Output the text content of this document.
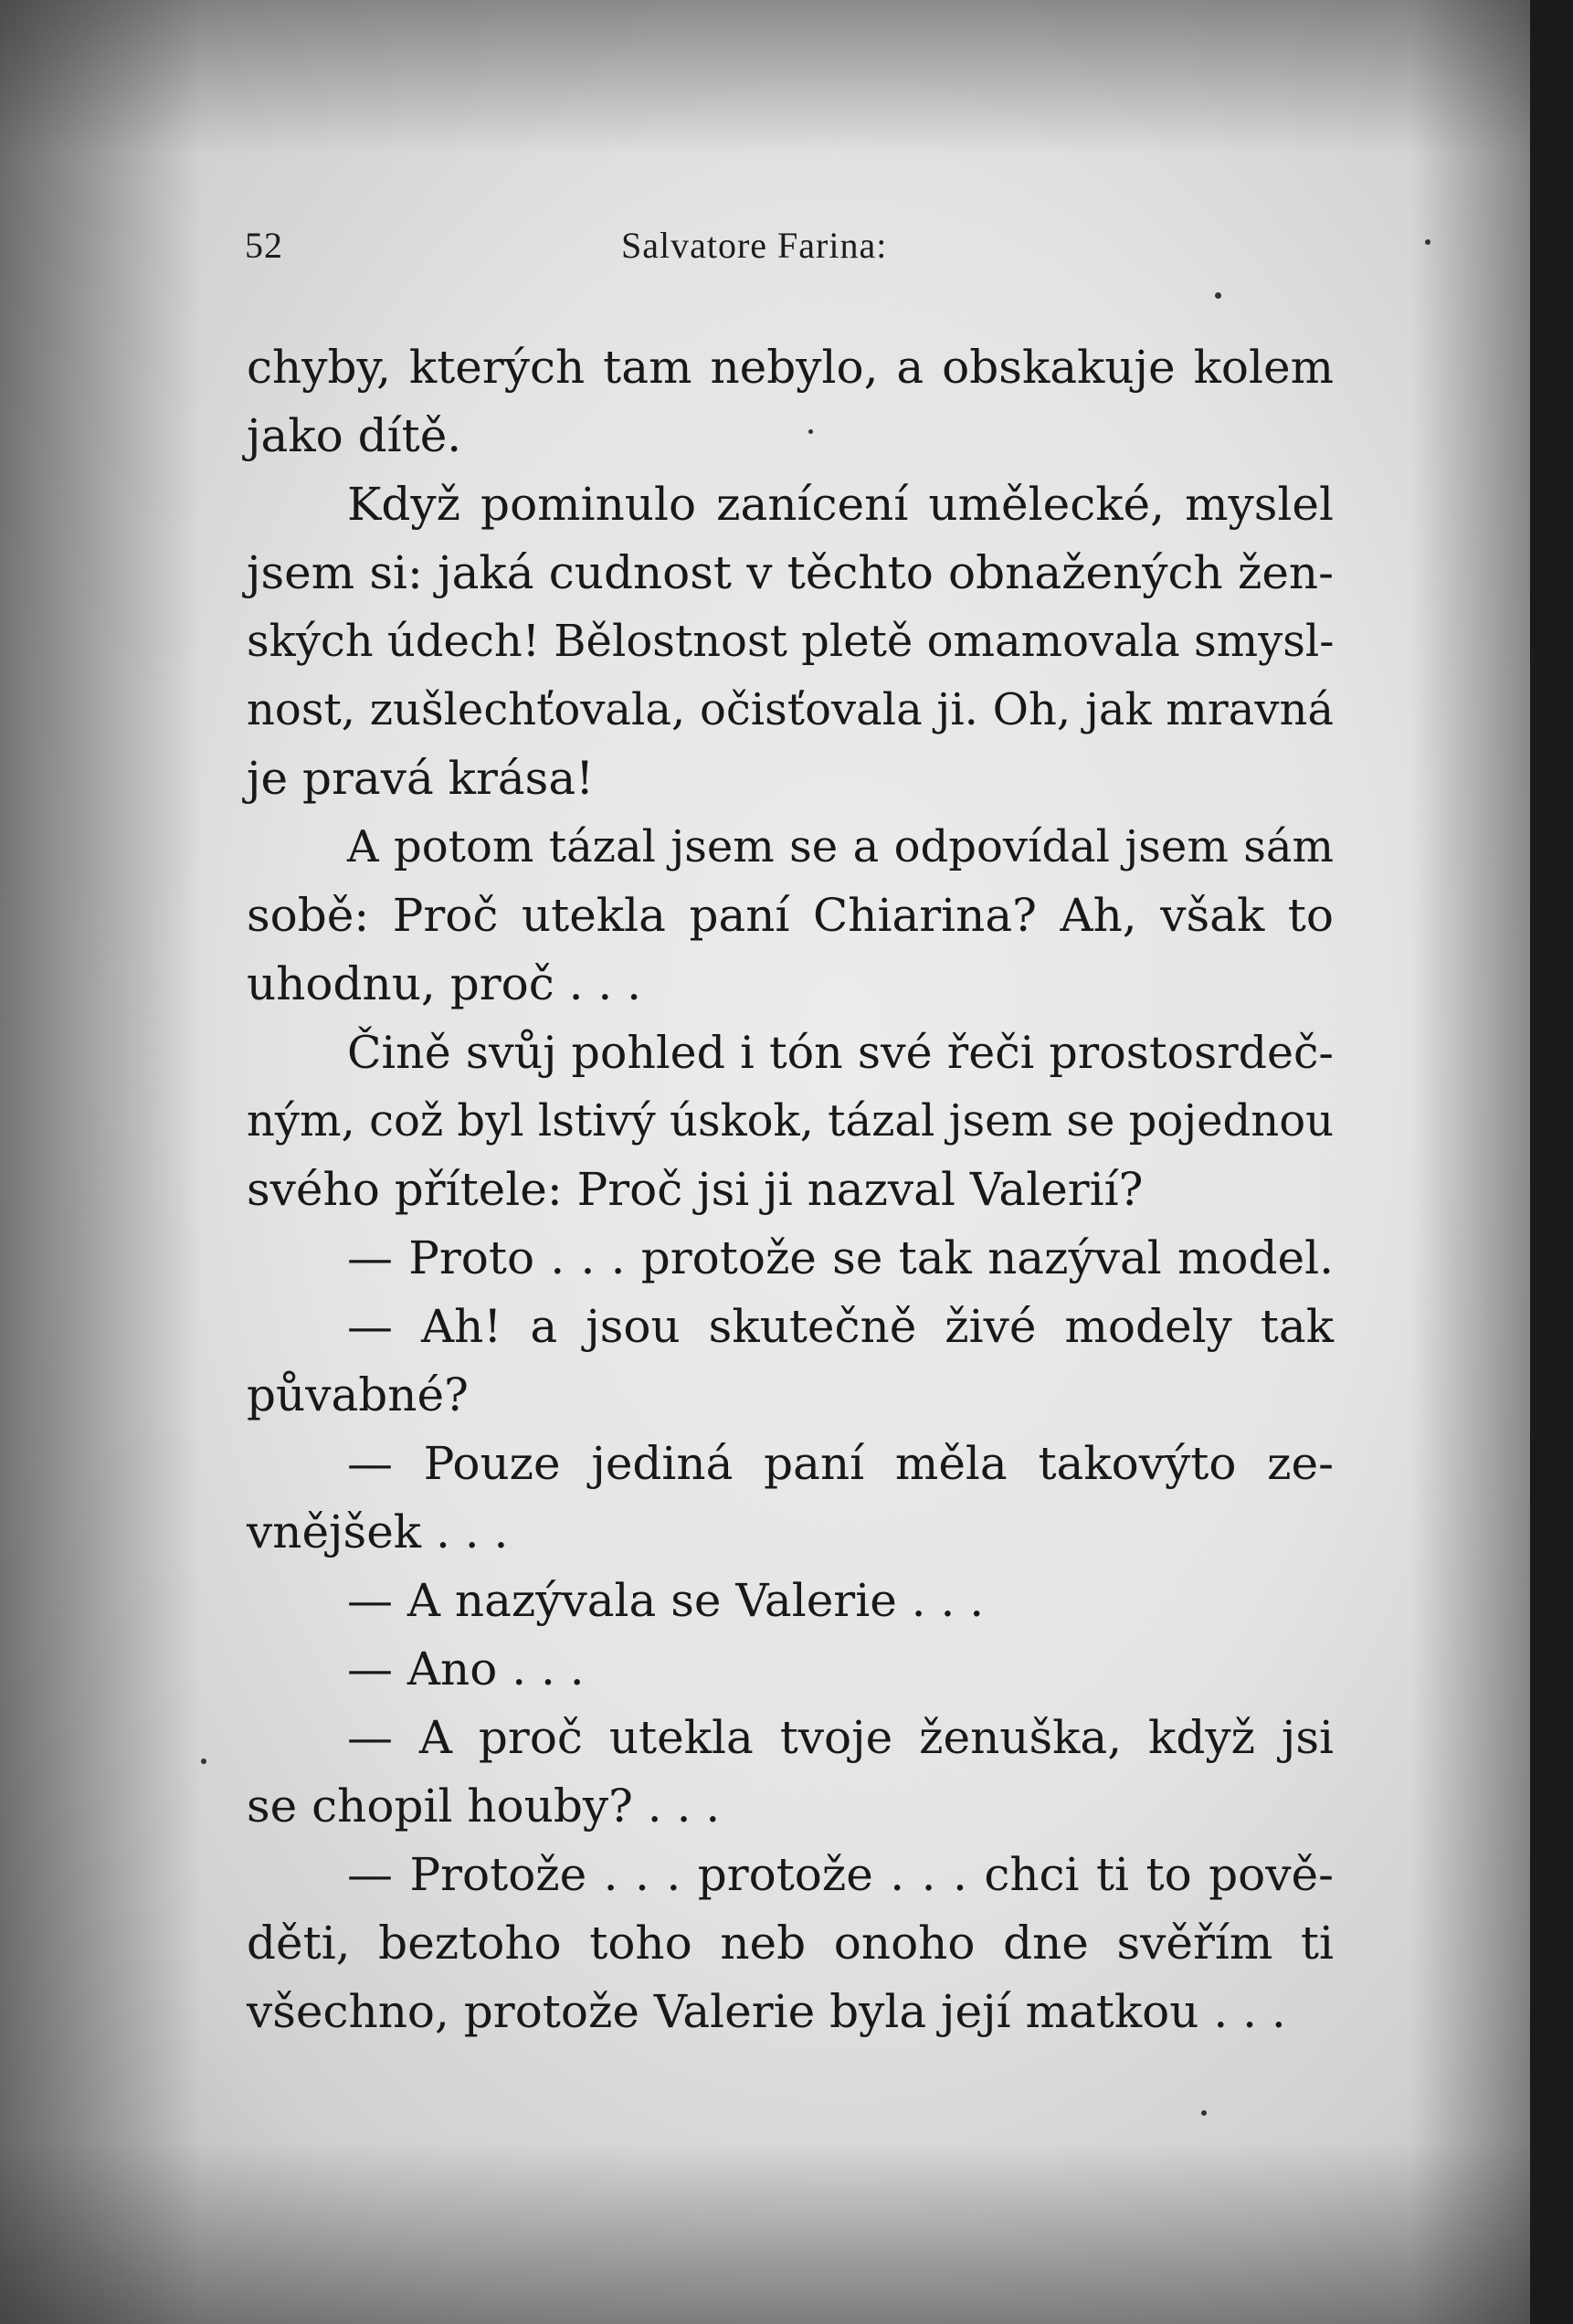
52	Salvatore Farina:
chyby, kterých tam nebylo, a obskakuje kolem
jako dítě.
Když pominulo zanícení umělecké, myslel
jsem si: jaká cudnost v těchto obnažených žen-
ských údech! Bělostnost pletě omamovala smysl-
nost, zušlechťovala, očisťovala ji. Oh, jak mravná
je pravá krása!
A potom tázal jsem se a odpovídal jsem sám
sobě: Proč utekla paní Chiarina? Ah, však to
uhodnu, proč . . .
Čině svůj pohled i tón své řeči prostosrdeč-
ným, což byl lstivý úskok, tázal jsem se pojednou
svého přítele: Proč jsi ji nazval Valerií?
— Proto . . . protože se tak nazýval model.
— Ah! a jsou skutečně živé modely tak
půvabné?
— Pouze jediná paní měla takovýto ze-
vnějšek . . .
— A nazývala se Valerie . . .
— Ano . . .
— A proč utekla tvoje ženuška, když jsi
se chopil houby? . . .
— Protože . . . protože . . . chci ti to pově-
děti, beztoho toho neb onoho dne svěřím ti
všechno, protože Valerie byla její matkou . . .
